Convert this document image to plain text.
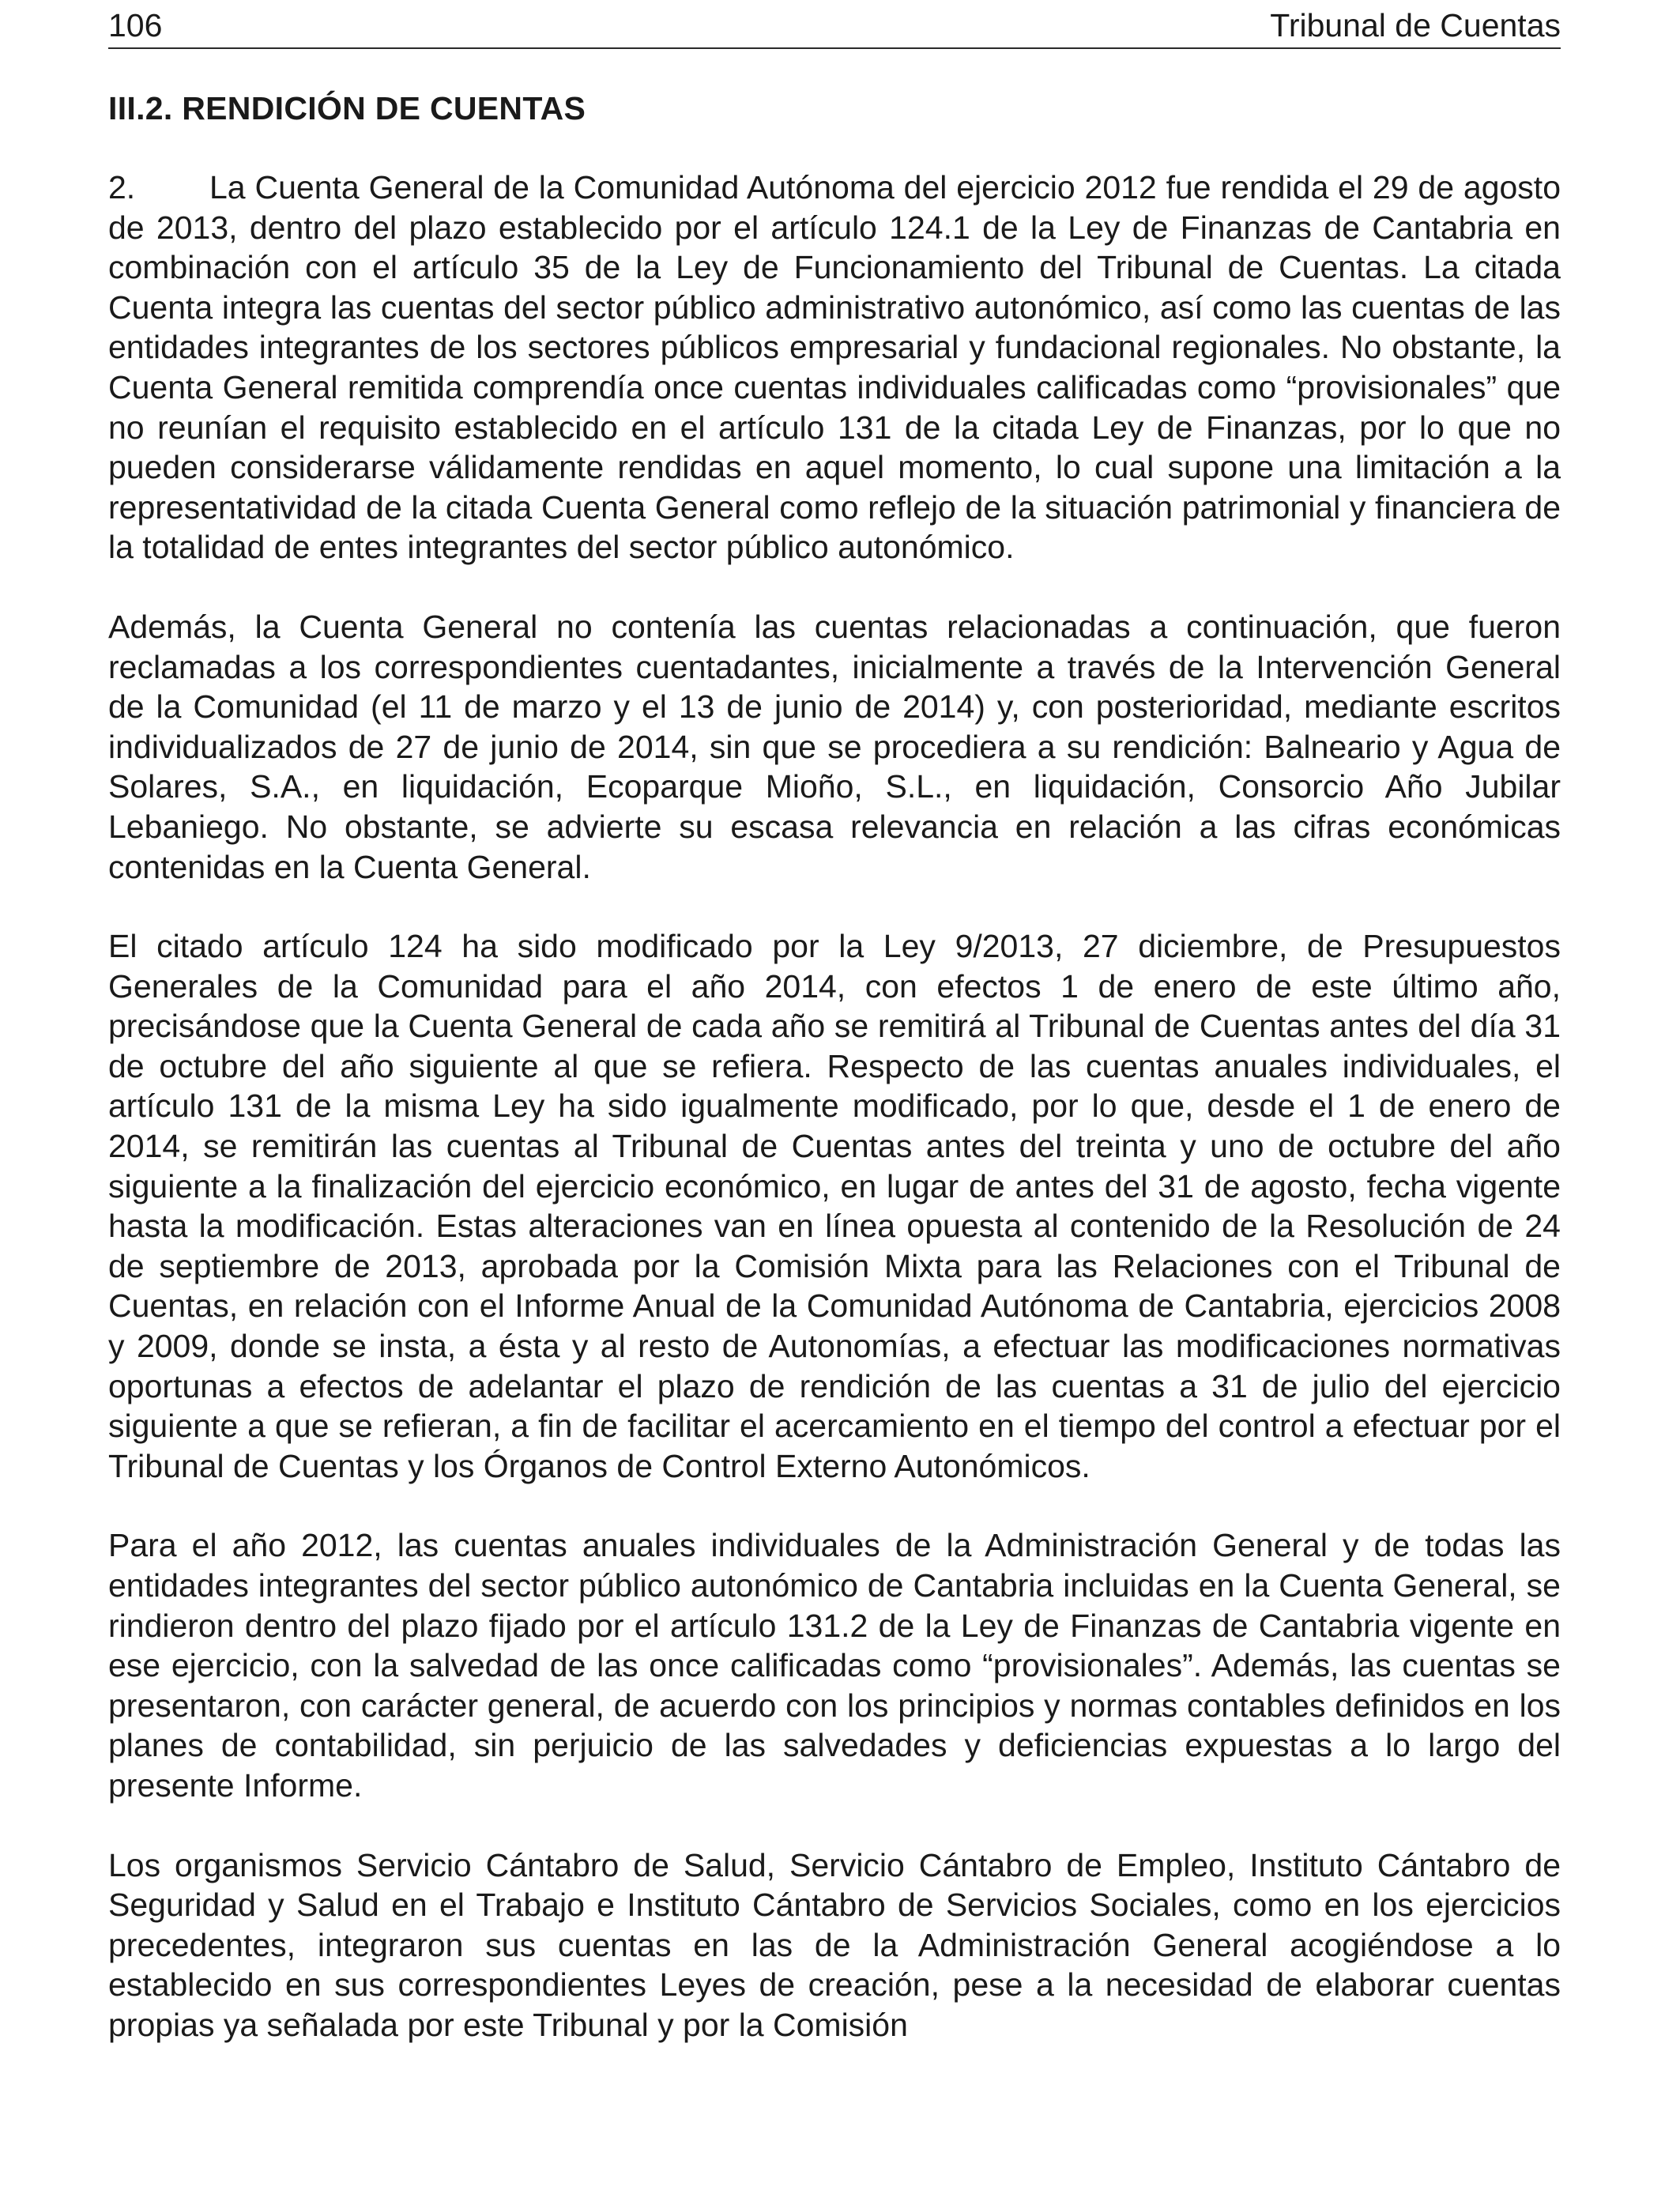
106	Tribunal de Cuentas
III.2. RENDICIÓN DE CUENTAS

2. La Cuenta General de la Comunidad Autónoma del ejercicio 2012 fue rendida el 29 de agosto de 2013, dentro del plazo establecido por el artículo 124.1 de la Ley de Finanzas de Cantabria en combinación con el artículo 35 de la Ley de Funcionamiento del Tribunal de Cuentas. La citada Cuenta integra las cuentas del sector público administrativo autonómico, así como las cuentas de las entidades integrantes de los sectores públicos empresarial y fundacional regionales. No obstante, la Cuenta General remitida comprendía once cuentas individuales calificadas como “provisionales” que no reunían el requisito establecido en el artículo 131 de la citada Ley de Finanzas, por lo que no pueden considerarse válidamente rendidas en aquel momento, lo cual supone una limitación a la representatividad de la citada Cuenta General como reflejo de la situación patrimonial y financiera de la totalidad de entes integrantes del sector público autonómico.

Además, la Cuenta General no contenía las cuentas relacionadas a continuación, que fueron reclamadas a los correspondientes cuentadantes, inicialmente a través de la Intervención General de la Comunidad (el 11 de marzo y el 13 de junio de 2014) y, con posterioridad, mediante escritos individualizados de 27 de junio de 2014, sin que se procediera a su rendición: Balneario y Agua de Solares, S.A., en liquidación, Ecoparque Mioño, S.L., en liquidación, Consorcio Año Jubilar Lebaniego. No obstante, se advierte su escasa relevancia en relación a las cifras económicas contenidas en la Cuenta General.

El citado artículo 124 ha sido modificado por la Ley 9/2013, 27 diciembre, de Presupuestos Generales de la Comunidad para el año 2014, con efectos 1 de enero de este último año, precisándose que la Cuenta General de cada año se remitirá al Tribunal de Cuentas antes del día 31 de octubre del año siguiente al que se refiera. Respecto de las cuentas anuales individuales, el artículo 131 de la misma Ley ha sido igualmente modificado, por lo que, desde el 1 de enero de 2014, se remitirán las cuentas al Tribunal de Cuentas antes del treinta y uno de octubre del año siguiente a la finalización del ejercicio económico, en lugar de antes del 31 de agosto, fecha vigente hasta la modificación. Estas alteraciones van en línea opuesta al contenido de la Resolución de 24 de septiembre de 2013, aprobada por la Comisión Mixta para las Relaciones con el Tribunal de Cuentas, en relación con el Informe Anual de la Comunidad Autónoma de Cantabria, ejercicios 2008 y 2009, donde se insta, a ésta y al resto de Autonomías, a efectuar las modificaciones normativas oportunas a efectos de adelantar el plazo de rendición de las cuentas a 31 de julio del ejercicio siguiente a que se refieran, a fin de facilitar el acercamiento en el tiempo del control a efectuar por el Tribunal de Cuentas y los Órganos de Control Externo Autonómicos.

Para el año 2012, las cuentas anuales individuales de la Administración General y de todas las entidades integrantes del sector público autonómico de Cantabria incluidas en la Cuenta General, se rindieron dentro del plazo fijado por el artículo 131.2 de la Ley de Finanzas de Cantabria vigente en ese ejercicio, con la salvedad de las once calificadas como “provisionales”. Además, las cuentas se presentaron, con carácter general, de acuerdo con los principios y normas contables definidos en los planes de contabilidad, sin perjuicio de las salvedades y deficiencias expuestas a lo largo del presente Informe.

Los organismos Servicio Cántabro de Salud, Servicio Cántabro de Empleo, Instituto Cántabro de Seguridad y Salud en el Trabajo e Instituto Cántabro de Servicios Sociales, como en los ejercicios precedentes, integraron sus cuentas en las de la Administración General acogiéndose a lo establecido en sus correspondientes Leyes de creación, pese a la necesidad de elaborar cuentas propias ya señalada por este Tribunal y por la Comisión
